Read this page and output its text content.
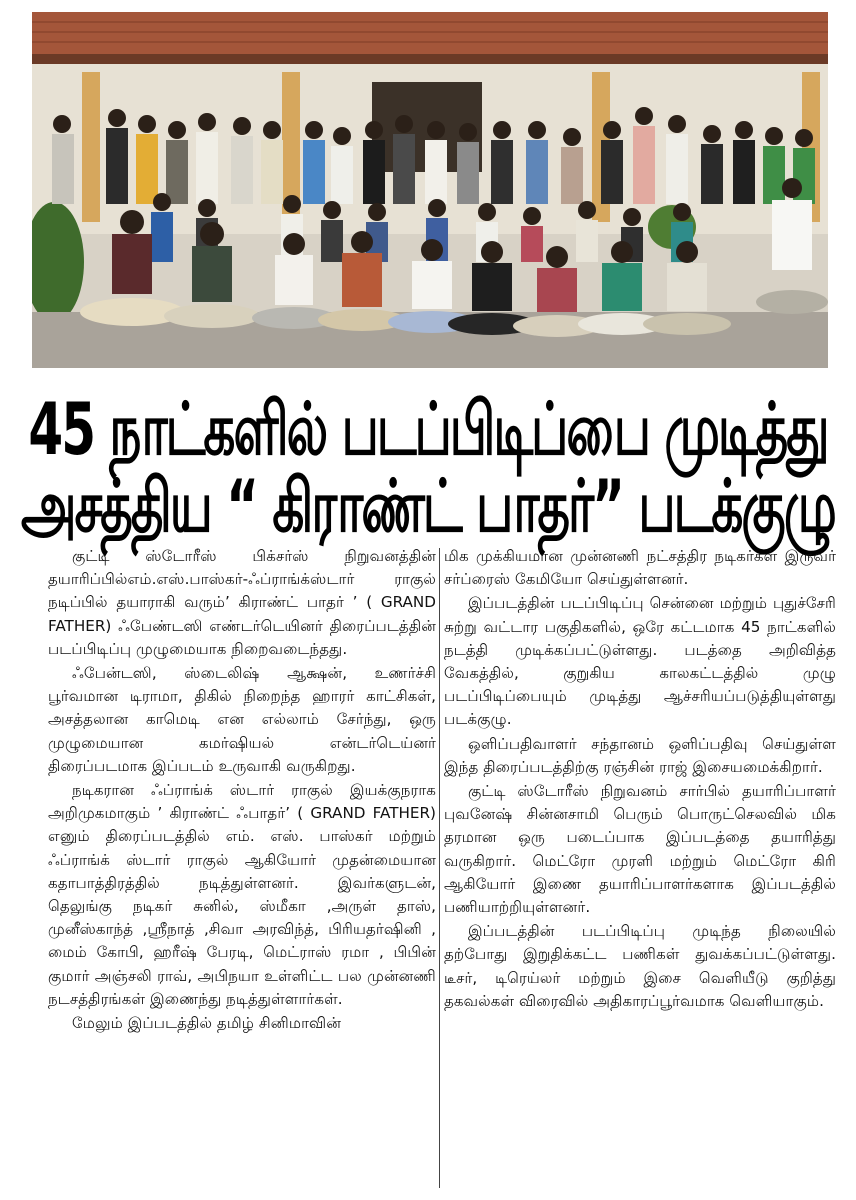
45 நாட்களில் படப்பிடிப்பை முடித்து
அசத்திய “ கிராண்ட் பாதர்” படக்குழு

குட்டி ஸ்டோரீஸ் பிக்சர்ஸ் நிறுவனத்தின் தயாரிப்பில்எம்.எஸ்.பாஸ்கர்-ஃப்ராங்க்ஸ்டார் ராகுல் நடிப்பில் தயாராகி வரும்’ கிராண்ட் பாதர் ’ ( GRAND FATHER) ஃபேண்டஸி எண்டர்டெயினர் திரைப்படத்தின் படப்பிடிப்பு முழுமையாக நிறைவடைந்தது.

ஃபேன்டஸி, ஸ்டைலிஷ் ஆக்ஷன், உணர்ச்சி பூர்வமான டிராமா, திகில் நிறைந்த ஹாரர் காட்சிகள், அசத்தலான காமெடி என எல்லாம் சேர்ந்து, ஒரு முழுமையான கமர்ஷியல் என்டர்டெய்னர் திரைப்படமாக இப்படம் உருவாகி வருகிறது.

நடிகரான ஃப்ராங்க் ஸ்டார் ராகுல் இயக்குநராக அறிமுகமாகும் ’ கிராண்ட் ஃபாதர்’ ( GRAND FATHER) எனும் திரைப்படத்தில் எம். எஸ். பாஸ்கர் மற்றும் ஃப்ராங்க் ஸ்டார் ராகுல் ஆகியோர் முதன்மையான கதாபாத்திரத்தில் நடித்துள்ளனர். இவர்களுடன், தெலுங்கு நடிகர் சுனில், ஸ்மீகா ,அருள் தாஸ், முனீஸ்காந்த் ,ஸ்ரீநாத் ,சிவா அரவிந்த், பிரியதர்ஷினி , மைம் கோபி, ஹரீஷ் பேரடி, மெட்ராஸ் ரமா , பிபின் குமார் அஞ்சலி ராவ், அபிநயா உள்ளிட்ட பல முன்னணி நடசத்திரங்கள் இணைந்து நடித்துள்ளார்கள்.

மேலும் இப்படத்தில் தமிழ் சினிமாவின்

மிக முக்கியமான முன்னணி நட்சத்திர நடிகர்கள் இருவர் சர்ப்ரைஸ் கேமியோ செய்துள்ளனர்.

இப்படத்தின் படப்பிடிப்பு சென்னை மற்றும் புதுச்சேரி சுற்று வட்டார பகுதிகளில், ஒரே கட்டமாக 45 நாட்களில் நடத்தி முடிக்கப்பட்டுள்ளது. படத்தை அறிவித்த வேகத்தில், குறுகிய காலகட்டத்தில் முழு படப்பிடிப்பையும் முடித்து ஆச்சரியப்படுத்தியுள்ளது படக்குழு.

ஒளிப்பதிவாளர் சந்தானம் ஒளிப்பதிவு செய்துள்ள இந்த திரைப்படத்திற்கு ரஞ்சின் ராஜ் இசையமைக்கிறார்.

குட்டி ஸ்டோரீஸ் நிறுவனம் சார்பில் தயாரிப்பாளர் புவனேஷ் சின்னசாமி பெரும் பொருட்செலவில் மிக தரமான ஒரு படைப்பாக இப்படத்தை தயாரித்து வருகிறார். மெட்ரோ முரளி மற்றும் மெட்ரோ கிரி ஆகியோர் இணை தயாரிப்பாளர்களாக இப்படத்தில் பணியாற்றியுள்ளனர்.

இப்படத்தின் படப்பிடிப்பு முடிந்த நிலையில் தற்போது இறுதிக்கட்ட பணிகள் துவக்கப்பட்டுள்ளது. டீசர், டிரெய்லர் மற்றும் இசை வெளியீடு குறித்து தகவல்கள் விரைவில் அதிகாரப்பூர்வமாக வெளியாகும்.
